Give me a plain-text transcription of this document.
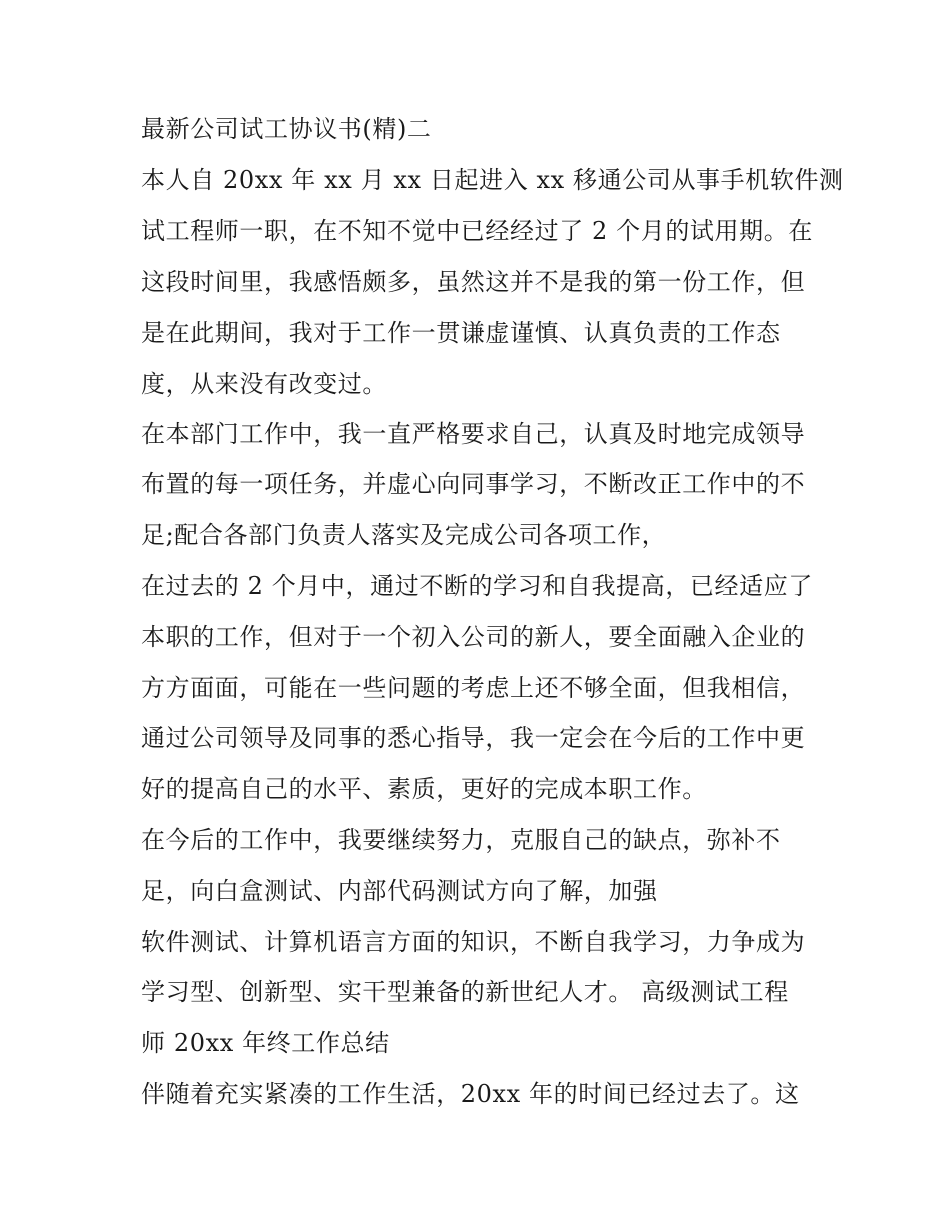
最新公司试工协议书(精)二
本人自 20xx 年 xx 月 xx 日起进入 xx 移通公司从事手机软件测
试工程师一职，在不知不觉中已经经过了 2 个月的试用期。在
这段时间里，我感悟颇多，虽然这并不是我的第一份工作，但
是在此期间，我对于工作一贯谦虚谨慎、认真负责的工作态
度，从来没有改变过。
在本部门工作中，我一直严格要求自己，认真及时地完成领导
布置的每一项任务，并虚心向同事学习，不断改正工作中的不
足;配合各部门负责人落实及完成公司各项工作，
在过去的 2 个月中，通过不断的学习和自我提高，已经适应了
本职的工作，但对于一个初入公司的新人，要全面融入企业的
方方面面，可能在一些问题的考虑上还不够全面，但我相信，
通过公司领导及同事的悉心指导，我一定会在今后的工作中更
好的提高自己的水平、素质，更好的完成本职工作。
在今后的工作中，我要继续努力，克服自己的缺点，弥补不
足，向白盒测试、内部代码测试方向了解，加强
软件测试、计算机语言方面的知识，不断自我学习，力争成为
学习型、创新型、实干型兼备的新世纪人才。 高级测试工程
师 20xx 年终工作总结
伴随着充实紧凑的工作生活，20xx 年的时间已经过去了。这
